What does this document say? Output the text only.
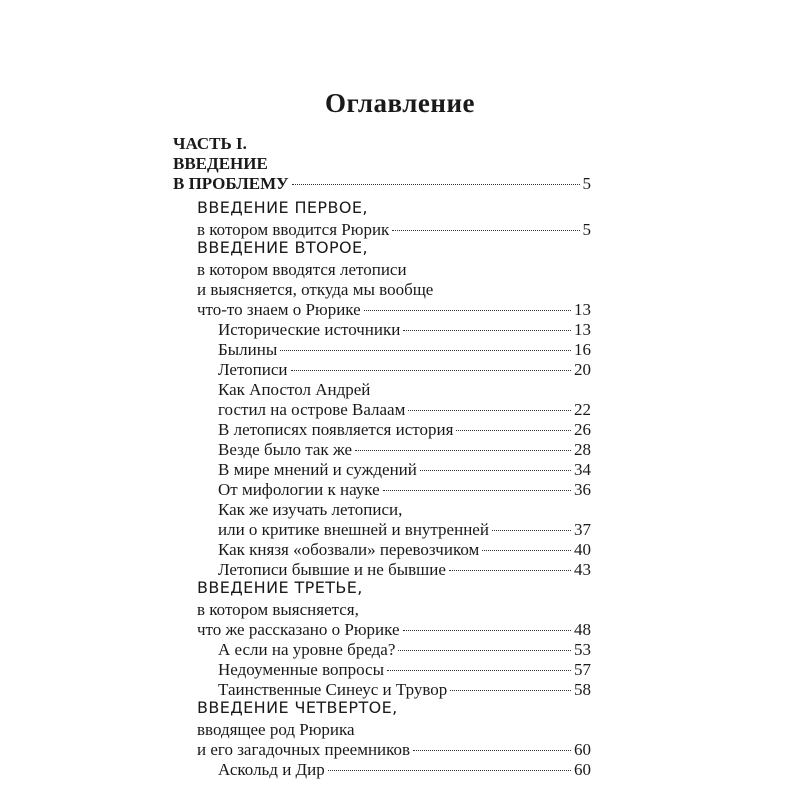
Оглавление
ЧАСТЬ I.
ВВЕДЕНИЕ
В ПРОБЛЕМУ	5
ВВЕДЕНИЕ ПЕРВОЕ,
в котором вводится Рюрик	5
ВВЕДЕНИЕ ВТОРОЕ,
в котором вводятся летописи
и выясняется, откуда мы вообще
что-то знаем о Рюрике	13
Исторические источники	13
Былины	16
Летописи	20
Как Апостол Андрей
гостил на острове Валаам	22
В летописях появляется история	26
Везде было так же	28
В мире мнений и суждений	34
От мифологии к науке	36
Как же изучать летописи,
или о критике внешней и внутренней	37
Как князя «обозвали» перевозчиком	40
Летописи бывшие и не бывшие	43
ВВЕДЕНИЕ ТРЕТЬЕ,
в котором выясняется,
что же рассказано о Рюрике	48
А если на уровне бреда?	53
Недоуменные вопросы	57
Таинственные Синеус и Трувор	58
ВВЕДЕНИЕ ЧЕТВЕРТОЕ,
вводящее род Рюрика
и его загадочных преемников	60
Аскольд и Дир	60
